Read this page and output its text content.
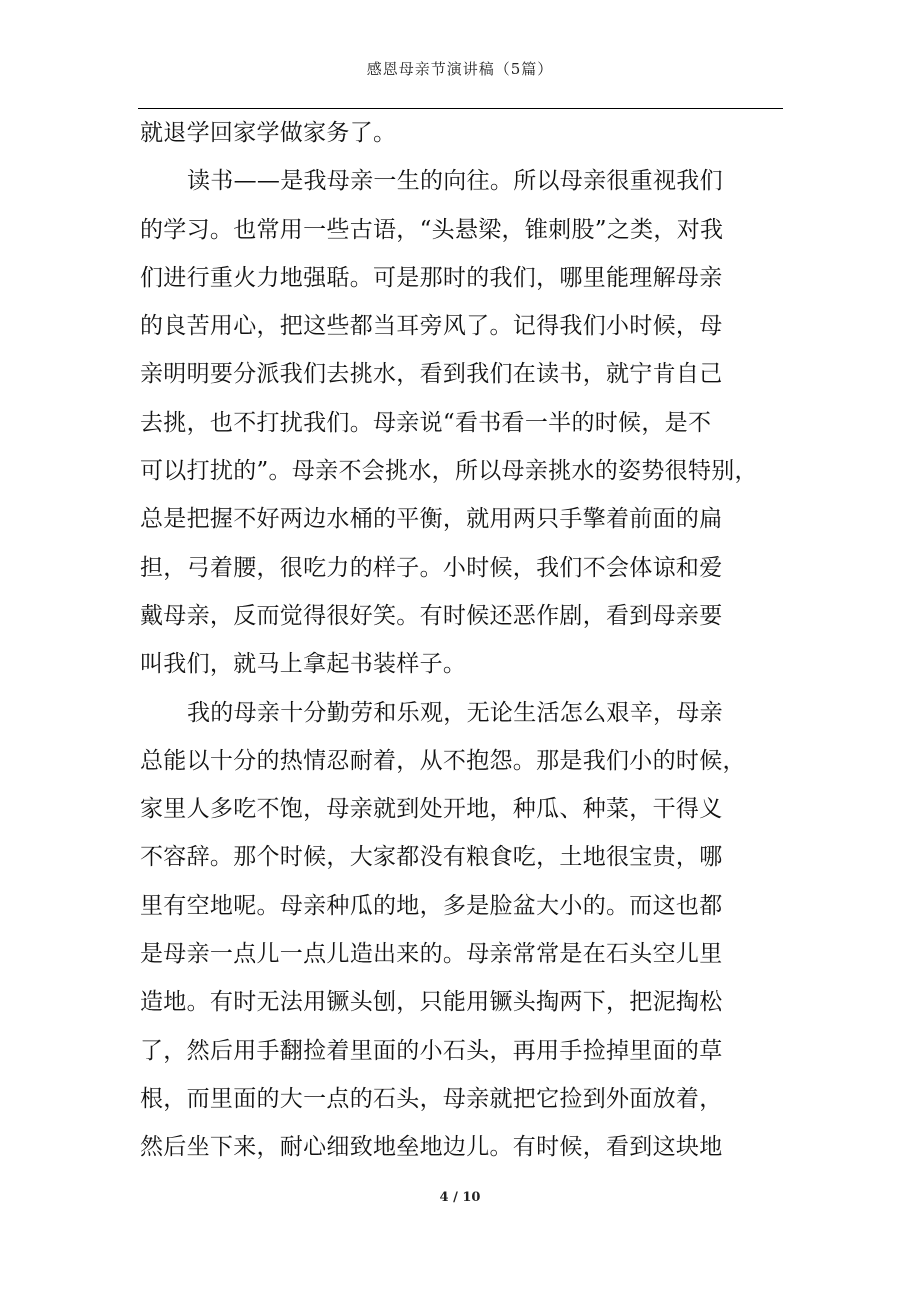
感恩母亲节演讲稿（5篇）
就退学回家学做家务了。
读书——是我母亲一生的向往。所以母亲很重视我们
的学习。也常用一些古语，“头悬梁，锥刺股”之类，对我
们进行重火力地强聒。可是那时的我们，哪里能理解母亲
的良苦用心，把这些都当耳旁风了。记得我们小时候，母
亲明明要分派我们去挑水，看到我们在读书，就宁肯自己
去挑，也不打扰我们。母亲说“看书看一半的时候，是不
可以打扰的”。母亲不会挑水，所以母亲挑水的姿势很特别，
总是把握不好两边水桶的平衡，就用两只手擎着前面的扁
担，弓着腰，很吃力的样子。小时候，我们不会体谅和爱
戴母亲，反而觉得很好笑。有时候还恶作剧，看到母亲要
叫我们，就马上拿起书装样子。
我的母亲十分勤劳和乐观，无论生活怎么艰辛，母亲
总能以十分的热情忍耐着，从不抱怨。那是我们小的时候，
家里人多吃不饱，母亲就到处开地，种瓜、种菜，干得义
不容辞。那个时候，大家都没有粮食吃，土地很宝贵，哪
里有空地呢。母亲种瓜的地，多是脸盆大小的。而这也都
是母亲一点儿一点儿造出来的。母亲常常是在石头空儿里
造地。有时无法用镢头刨，只能用镢头掏两下，把泥掏松
了，然后用手翻捡着里面的小石头，再用手捡掉里面的草
根，而里面的大一点的石头，母亲就把它捡到外面放着，
然后坐下来，耐心细致地垒地边儿。有时候，看到这块地
4 / 10
